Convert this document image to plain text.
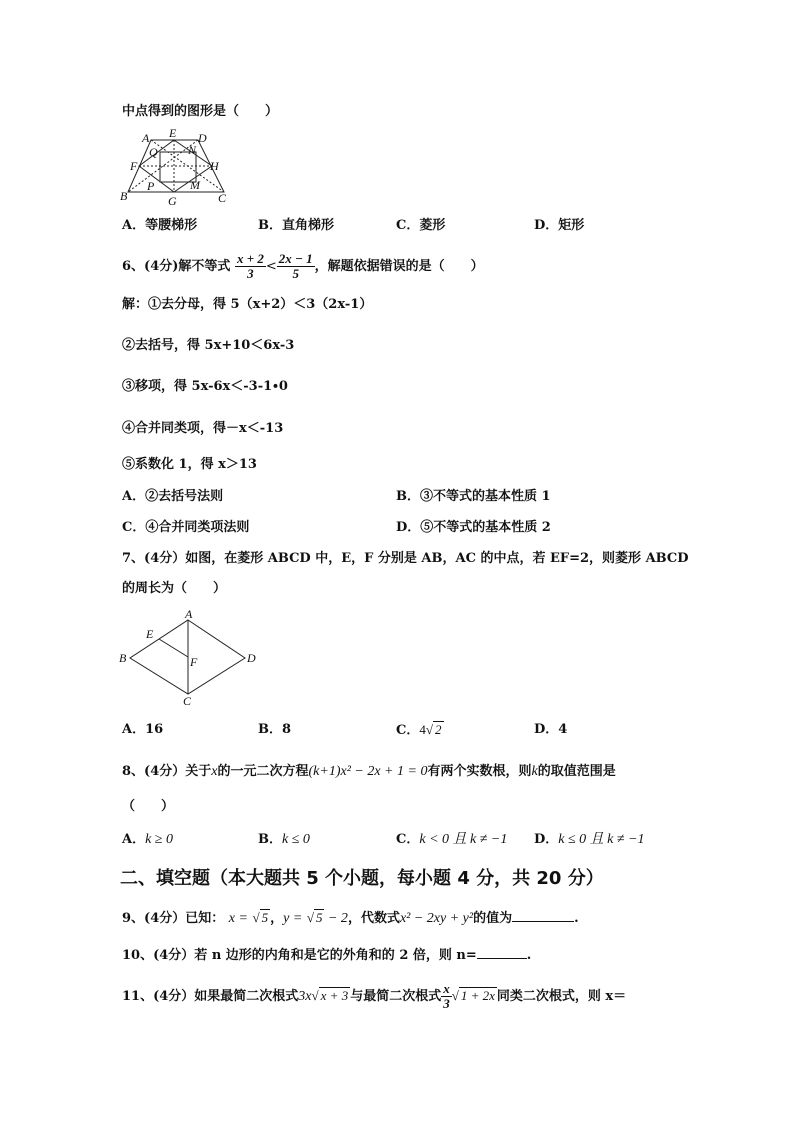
中点得到的图形是（　　）
A E D
Q	N
F	H
B
P	M
G	C
A．等腰梯形	B．直角梯形	C．菱形	D．矩形
6、(4分)解不等式 $\frac{x + 2}{3} < \frac{2x - 1}{5}$ ，解题依据错误的是（　　）
解：①去分母，得 5（x+2）＜3（2x-1）
②去括号，得 5x+10＜6x-3
③移项，得 5x-6x＜-3-1∙0
④合并同类项，得－x＜-13
⑤系数化 1，得 x＞13
A．②去括号法则	B．③不等式的基本性质 1
C．④合并同类项法则	D．⑤不等式的基本性质 2
7、(4分）如图，在菱形 ABCD 中，E，F 分别是 AB，AC 的中点，若 EF=2，则菱形 ABCD
的周长为（　　）
A
E
B	F	D
C
A．16	B．8	C．4√ 2	D．4
8、(4分）关于x的一元二次方程(k+1)x² − 2x + 1 = 0有两个实数根，则k的取值范围是
（　　）
A．k ≥ 0	B．k ≤ 0	C．k < 0 且 k ≠ −1 D．k ≤ 0 且 k ≠ −1
二、填空题（本大题共 5 个小题，每小题 4 分，共 20 分）
9、(4分）已知： x = √ 5 ，y = √ 5 − 2，代数式x² − 2xy + y²的值为	.
10、(4分）若 n 边形的内角和是它的外角和的 2 倍，则 n=	.
11、(4分）如果最简二次根式3x√ x + 3 与最简二次根式 $\frac{x}{3}$ √ 1 + 2x 同类二次根式，则 x＝
